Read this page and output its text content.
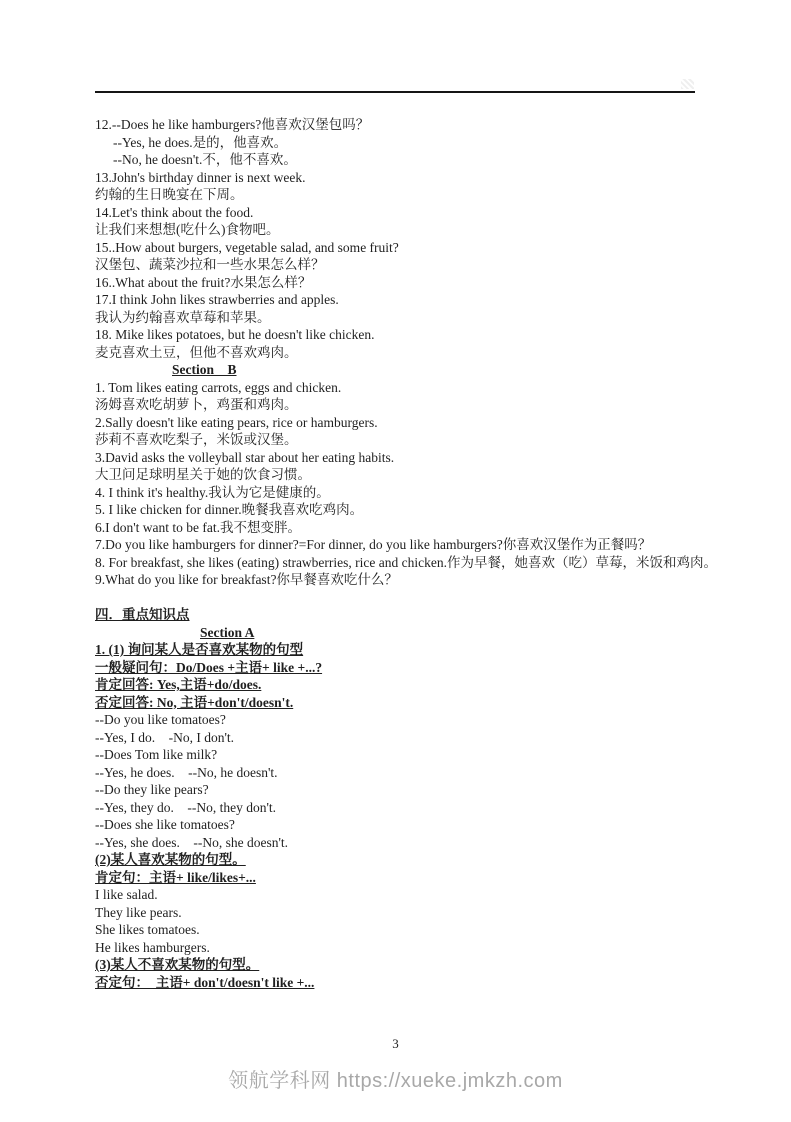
12.--Does he like hamburgers?他喜欢汉堡包吗？
--Yes, he does.是的，他喜欢。
--No, he doesn't.不，他不喜欢。
13.John's birthday dinner is next week.
约翰的生日晚宴在下周。
14.Let's think about the food.
让我们来想想(吃什么)食物吧。
15..How about burgers, vegetable salad, and some fruit?
汉堡包、蔬菜沙拉和一些水果怎么样？
16..What about the fruit?水果怎么样？
17.I think John likes strawberries and apples.
我认为约翰喜欢草莓和苹果。
18. Mike likes potatoes, but he doesn't like chicken.
麦克喜欢土豆，但他不喜欢鸡肉。
Section    B
1. Tom likes eating carrots, eggs and chicken.
汤姆喜欢吃胡萝卜，鸡蛋和鸡肉。
2.Sally doesn't like eating pears, rice or hamburgers.
莎莉不喜欢吃梨子，米饭或汉堡。
3.David asks the volleyball star about her eating habits.
大卫问足球明星关于她的饮食习惯。
4. I think it's healthy.我认为它是健康的。
5. I like chicken for dinner.晚餐我喜欢吃鸡肉。
6.I don't want to be fat.我不想变胖。
7.Do you like hamburgers for dinner?=For dinner, do you like hamburgers?你喜欢汉堡作为正餐吗？
8. For breakfast, she likes (eating) strawberries, rice and chicken.作为早餐，她喜欢（吃）草莓，米饭和鸡肉。
9.What do you like for breakfast?你早餐喜欢吃什么？
四．重点知识点
Section A
1. (1) 询问某人是否喜欢某物的句型
一般疑问句：Do/Does +主语+ like +...?
肯定回答: Yes,主语+do/does.
否定回答: No, 主语+don't/doesn't.
--Do you like tomatoes?
--Yes, I do.    -No, I don't.
--Does Tom like milk?
--Yes, he does.    --No, he doesn't.
--Do they like pears?
--Yes, they do.    --No, they don't.
--Does she like tomatoes?
--Yes, she does.    --No, she doesn't.
(2)某人喜欢某物的句型。
肯定句：主语+ like/likes+...
I like salad.
They like pears.
She likes tomatoes.
He likes hamburgers.
(3)某人不喜欢某物的句型。
否定句：  主语+ don't/doesn't like +...
3
领航学科网 https://xueke.jmkzh.com
